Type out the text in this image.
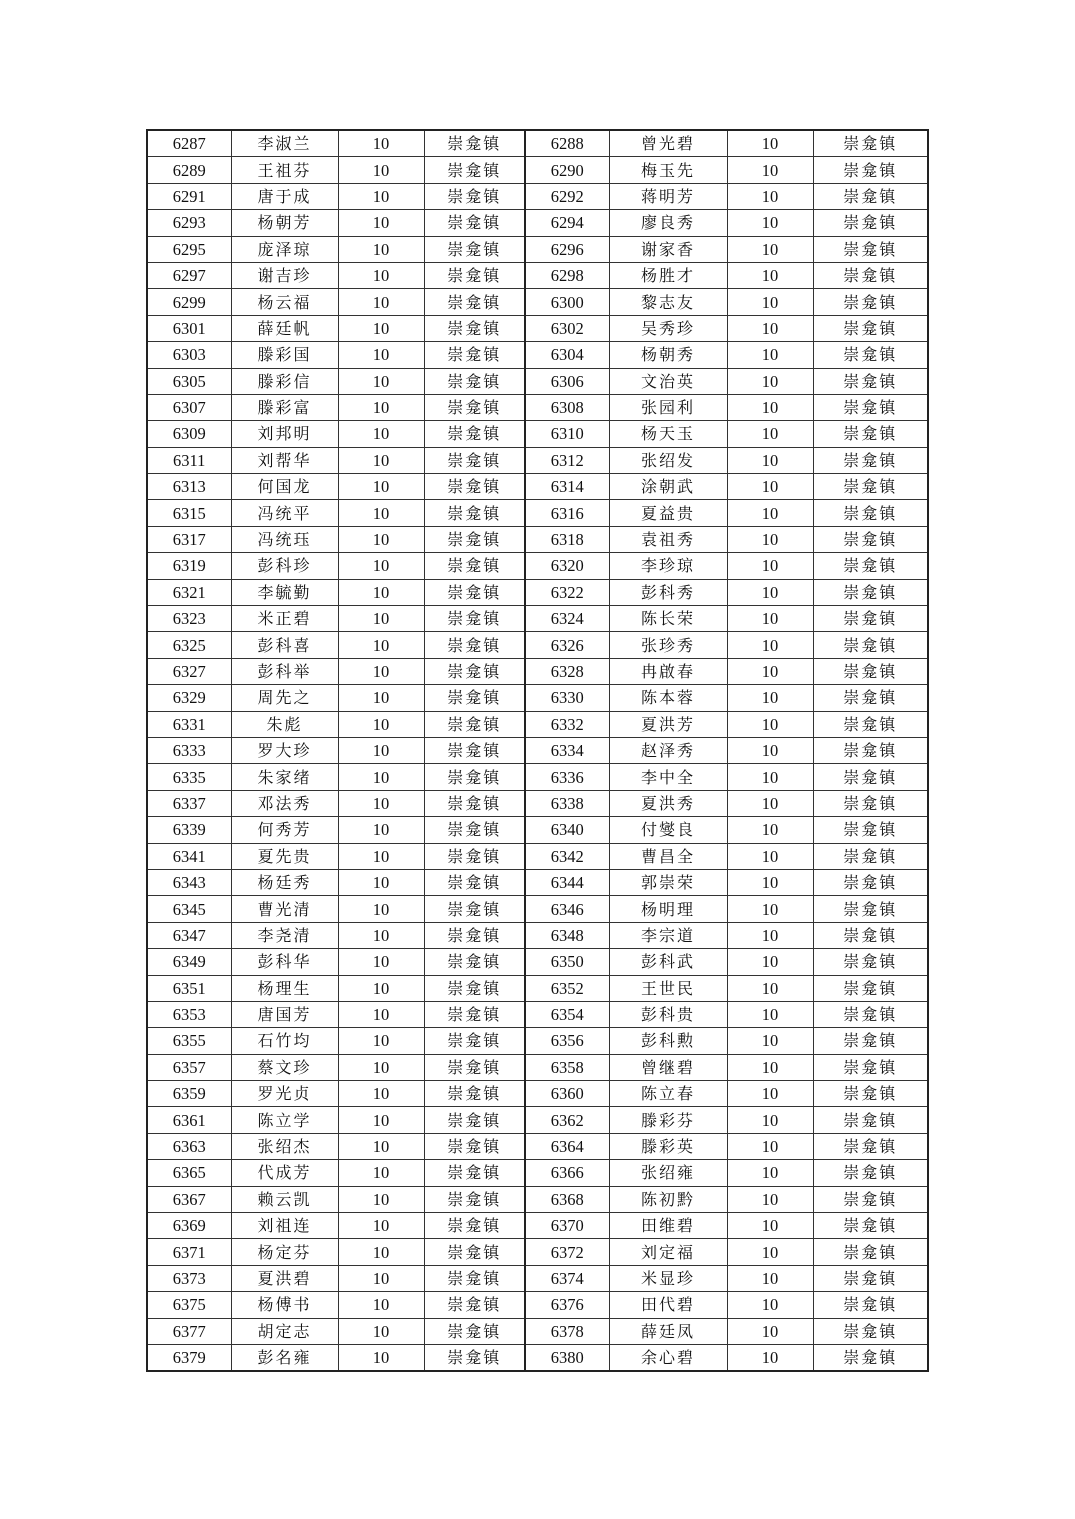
6287	李淑兰	10	崇龛镇	6288	曾光碧	10	崇龛镇
6289	王祖芬	10	崇龛镇	6290	梅玉先	10	崇龛镇
6291	唐于成	10	崇龛镇	6292	蒋明芳	10	崇龛镇
6293	杨朝芳	10	崇龛镇	6294	廖良秀	10	崇龛镇
6295	庞泽琼	10	崇龛镇	6296	谢家香	10	崇龛镇
6297	谢吉珍	10	崇龛镇	6298	杨胜才	10	崇龛镇
6299	杨云福	10	崇龛镇	6300	黎志友	10	崇龛镇
6301	薛廷帆	10	崇龛镇	6302	吴秀珍	10	崇龛镇
6303	滕彩国	10	崇龛镇	6304	杨朝秀	10	崇龛镇
6305	滕彩信	10	崇龛镇	6306	文治英	10	崇龛镇
6307	滕彩富	10	崇龛镇	6308	张园利	10	崇龛镇
6309	刘邦明	10	崇龛镇	6310	杨天玉	10	崇龛镇
6311	刘帮华	10	崇龛镇	6312	张绍发	10	崇龛镇
6313	何国龙	10	崇龛镇	6314	涂朝武	10	崇龛镇
6315	冯统平	10	崇龛镇	6316	夏益贵	10	崇龛镇
6317	冯统珏	10	崇龛镇	6318	袁祖秀	10	崇龛镇
6319	彭科珍	10	崇龛镇	6320	李珍琼	10	崇龛镇
6321	李毓勤	10	崇龛镇	6322	彭科秀	10	崇龛镇
6323	米正碧	10	崇龛镇	6324	陈长荣	10	崇龛镇
6325	彭科喜	10	崇龛镇	6326	张珍秀	10	崇龛镇
6327	彭科举	10	崇龛镇	6328	冉啟春	10	崇龛镇
6329	周先之	10	崇龛镇	6330	陈本蓉	10	崇龛镇
6331	朱彪	10	崇龛镇	6332	夏洪芳	10	崇龛镇
6333	罗大珍	10	崇龛镇	6334	赵泽秀	10	崇龛镇
6335	朱家绪	10	崇龛镇	6336	李中全	10	崇龛镇
6337	邓法秀	10	崇龛镇	6338	夏洪秀	10	崇龛镇
6339	何秀芳	10	崇龛镇	6340	付燮良	10	崇龛镇
6341	夏先贵	10	崇龛镇	6342	曹昌全	10	崇龛镇
6343	杨廷秀	10	崇龛镇	6344	郭崇荣	10	崇龛镇
6345	曹光清	10	崇龛镇	6346	杨明理	10	崇龛镇
6347	李尧清	10	崇龛镇	6348	李宗道	10	崇龛镇
6349	彭科华	10	崇龛镇	6350	彭科武	10	崇龛镇
6351	杨理生	10	崇龛镇	6352	王世民	10	崇龛镇
6353	唐国芳	10	崇龛镇	6354	彭科贵	10	崇龛镇
6355	石竹均	10	崇龛镇	6356	彭科勲	10	崇龛镇
6357	蔡文珍	10	崇龛镇	6358	曾继碧	10	崇龛镇
6359	罗光贞	10	崇龛镇	6360	陈立春	10	崇龛镇
6361	陈立学	10	崇龛镇	6362	滕彩芬	10	崇龛镇
6363	张绍杰	10	崇龛镇	6364	滕彩英	10	崇龛镇
6365	代成芳	10	崇龛镇	6366	张绍雍	10	崇龛镇
6367	赖云凯	10	崇龛镇	6368	陈初黔	10	崇龛镇
6369	刘祖连	10	崇龛镇	6370	田维碧	10	崇龛镇
6371	杨定芬	10	崇龛镇	6372	刘定福	10	崇龛镇
6373	夏洪碧	10	崇龛镇	6374	米显珍	10	崇龛镇
6375	杨傅书	10	崇龛镇	6376	田代碧	10	崇龛镇
6377	胡定志	10	崇龛镇	6378	薛廷凤	10	崇龛镇
6379	彭名雍	10	崇龛镇	6380	余心碧	10	崇龛镇
